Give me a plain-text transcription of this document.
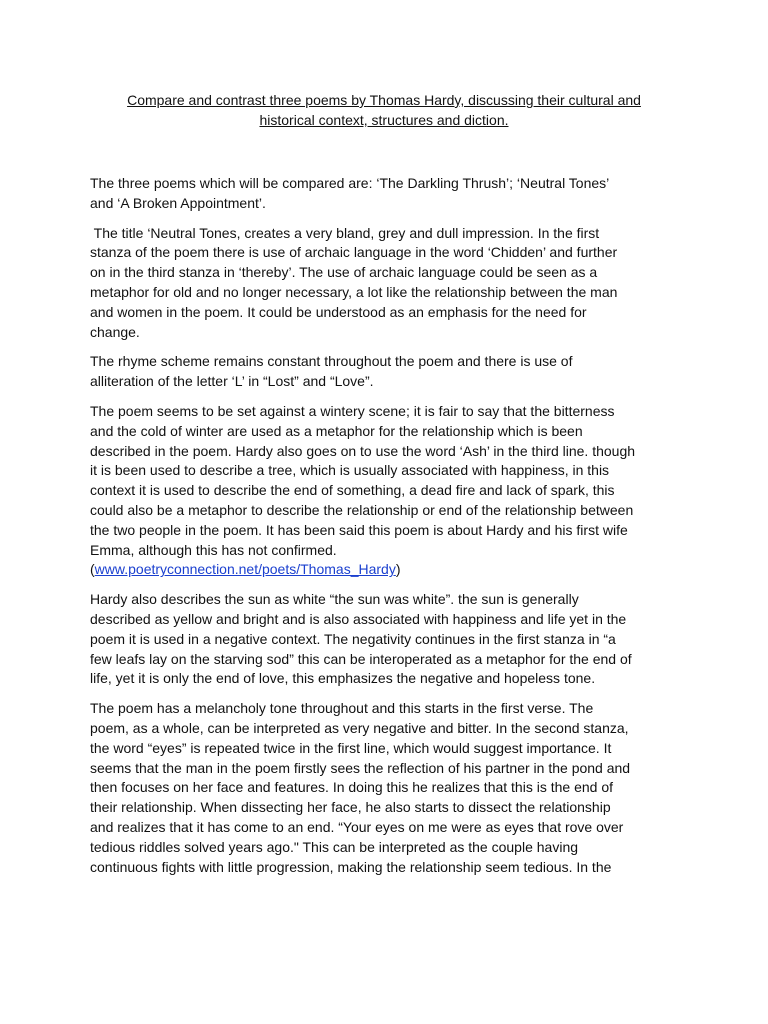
Compare and contrast three poems by Thomas Hardy, discussing their cultural and
historical context, structures and diction.

The three poems which will be compared are: ‘The Darkling Thrush’; ‘Neutral Tones’
and ‘A Broken Appointment’.

The title ‘Neutral Tones, creates a very bland, grey and dull impression. In the first
stanza of the poem there is use of archaic language in the word ‘Chidden’ and further
on in the third stanza in ‘thereby’. The use of archaic language could be seen as a
metaphor for old and no longer necessary, a lot like the relationship between the man
and women in the poem. It could be understood as an emphasis for the need for
change.

The rhyme scheme remains constant throughout the poem and there is use of
alliteration of the letter ‘L’ in “Lost” and “Love”.

The poem seems to be set against a wintery scene; it is fair to say that the bitterness
and the cold of winter are used as a metaphor for the relationship which is been
described in the poem. Hardy also goes on to use the word ‘Ash’ in the third line. though
it is been used to describe a tree, which is usually associated with happiness, in this
context it is used to describe the end of something, a dead fire and lack of spark, this
could also be a metaphor to describe the relationship or end of the relationship between
the two people in the poem. It has been said this poem is about Hardy and his first wife
Emma, although this has not confirmed.
(www.poetryconnection.net/poets/Thomas_Hardy)

Hardy also describes the sun as white “the sun was white”. the sun is generally
described as yellow and bright and is also associated with happiness and life yet in the
poem it is used in a negative context. The negativity continues in the first stanza in “a
few leafs lay on the starving sod” this can be interoperated as a metaphor for the end of
life, yet it is only the end of love, this emphasizes the negative and hopeless tone.

The poem has a melancholy tone throughout and this starts in the first verse. The
poem, as a whole, can be interpreted as very negative and bitter. In the second stanza,
the word “eyes” is repeated twice in the first line, which would suggest importance. It
seems that the man in the poem firstly sees the reflection of his partner in the pond and
then focuses on her face and features. In doing this he realizes that this is the end of
their relationship. When dissecting her face, he also starts to dissect the relationship
and realizes that it has come to an end. “Your eyes on me were as eyes that rove over
tedious riddles solved years ago." This can be interpreted as the couple having
continuous fights with little progression, making the relationship seem tedious. In the
